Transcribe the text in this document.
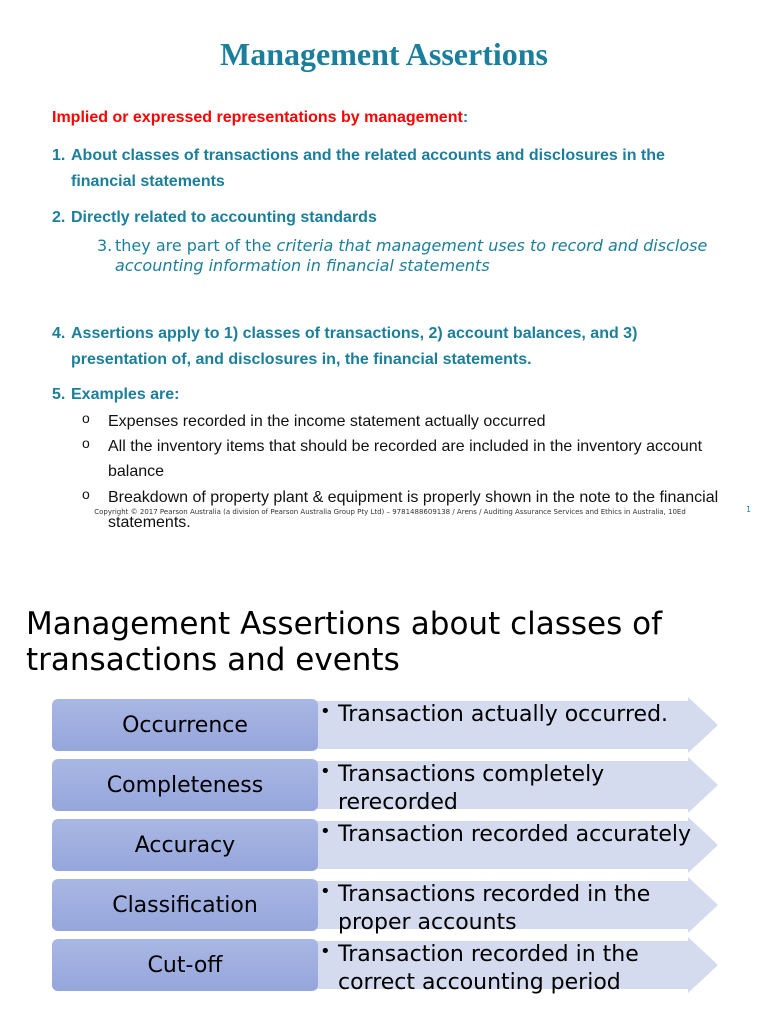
Management Assertions
Implied or expressed representations by management:
1. About classes of transactions and the related accounts and disclosures in the financial statements
2. Directly related to accounting standards
3. they are part of the criteria that management uses to record and disclose accounting information in financial statements
4. Assertions apply to 1) classes of transactions, 2) account balances, and 3) presentation of, and disclosures in, the financial statements.
5. Examples are:
o Expenses recorded in the income statement actually occurred
o All the inventory items that should be recorded are included in the inventory account balance
o Breakdown of property plant & equipment is properly shown in the note to the financial statements.
Copyright © 2017 Pearson Australia (a division of Pearson Australia Group Pty Ltd) – 9781488609138 / Arens / Auditing Assurance Services and Ethics in Australia, 10Ed	1
Management Assertions about classes of transactions and events
Occurrence
• Transaction actually occurred.
Completeness
• Transactions completely rerecorded
Accuracy
• Transaction recorded accurately
Classification
• Transactions recorded in the proper accounts
Cut-off
• Transaction recorded in the correct accounting period
